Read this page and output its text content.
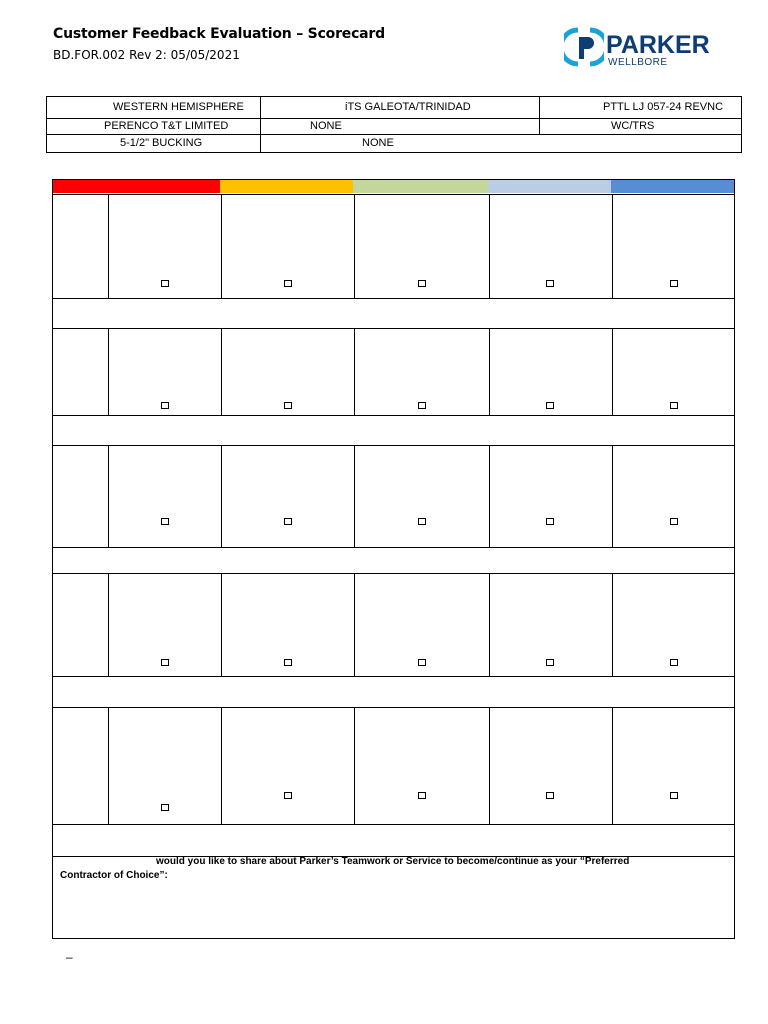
Customer Feedback Evaluation – Scorecard
BD.FOR.002 Rev 2: 05/05/2021	PARKER
WELLBORE
WESTERN HEMISPHERE	iTS GALEOTA/TRINIDAD	PTTL LJ 057-24 REVNC
PERENCO T&T LIMITED	NONE	WC/TRS
5-1/2" BUCKING	NONE
would you like to share about Parker’s Teamwork or Service to become/continue as your “Preferred
Contractor of Choice”:
–
